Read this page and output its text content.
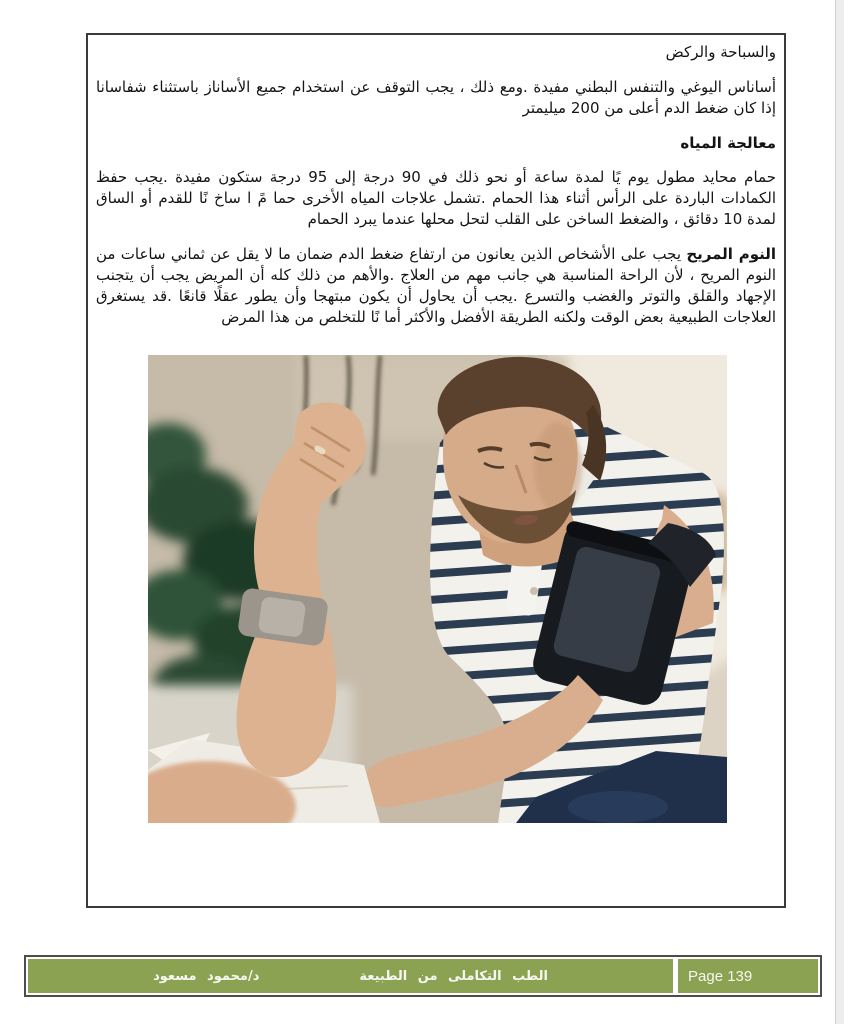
والسباحة والركض

أساناس اليوغي والتنفس البطني مفيدة .ومع ذلك ، يجب التوقف عن استخدام جميع الأساناز باستثناء شفاسانا إذا كان ضغط الدم أعلى من 200 ميليمتر

معالجة المياه

حمام محايد مطول يوم يًا لمدة ساعة أو نحو ذلك في 90 درجة إلى 95 درجة ستكون مفيدة .يجب حفظ الكمادات الباردة على الرأس أثناء هذا الحمام .تشمل علاجات المياه الأخرى حما مً ا ساخ نًا للقدم أو الساق لمدة 10 دقائق ، والضغط الساخن على القلب لتحل محلها عندما يبرد الحمام

النوم المريح يجب على الأشخاص الذين يعانون من ارتفاع ضغط الدم ضمان ما لا يقل عن ثماني ساعات من النوم المريح ، لأن الراحة المناسبة هي جانب مهم من العلاج .والأهم من ذلك كله أن المريض يجب أن يتجنب الإجهاد والقلق والتوتر والغضب والتسرع .يجب أن يحاول أن يكون مبتهجا وأن يطور عقلًا قانعًا .قد يستغرق العلاجات الطبيعية بعض الوقت ولكنه الطريقة الأفضل والأكثر أما نًا للتخلص من هذا المرض

الطب التكاملى من الطبيعة
د/محمود مسعود	Page 139
